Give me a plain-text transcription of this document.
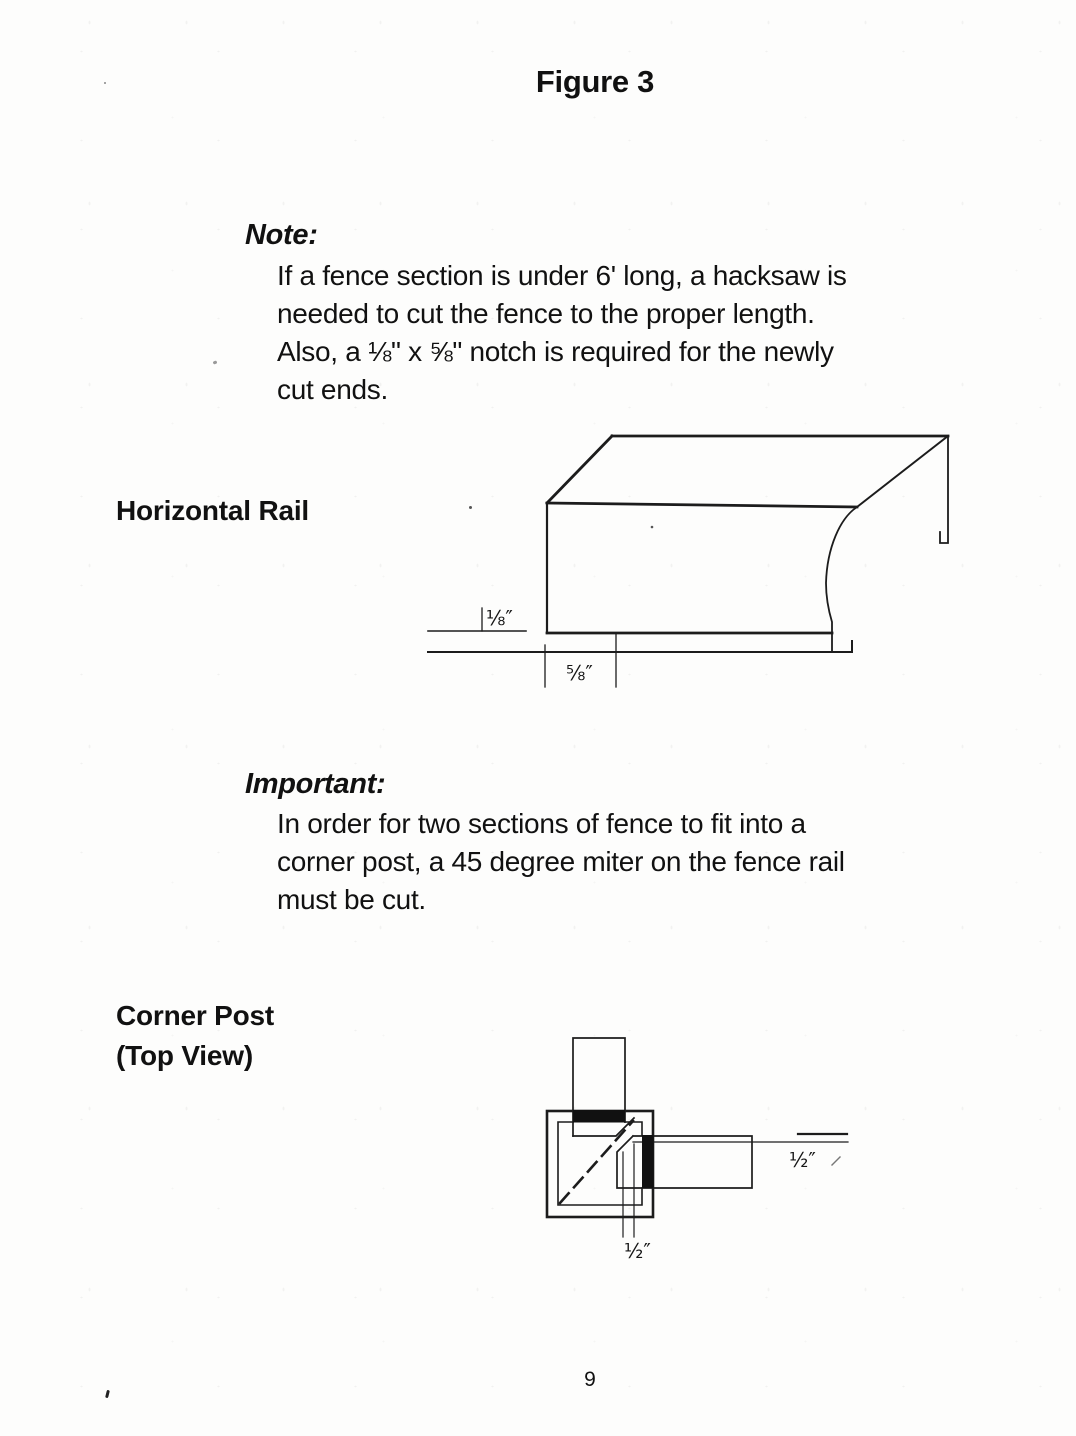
Figure 3
Note:
If a fence section is under 6' long, a hacksaw is
needed to cut the fence to the proper length.
Also, a ⅛" x ⅝" notch is required for the newly
cut ends.
Horizontal Rail
⅛″
⅝″
Important:
In order for two sections of fence to fit into a
corner post, a 45 degree miter on the fence rail
must be cut.
Corner Post
(Top View)
½″
½″
9
